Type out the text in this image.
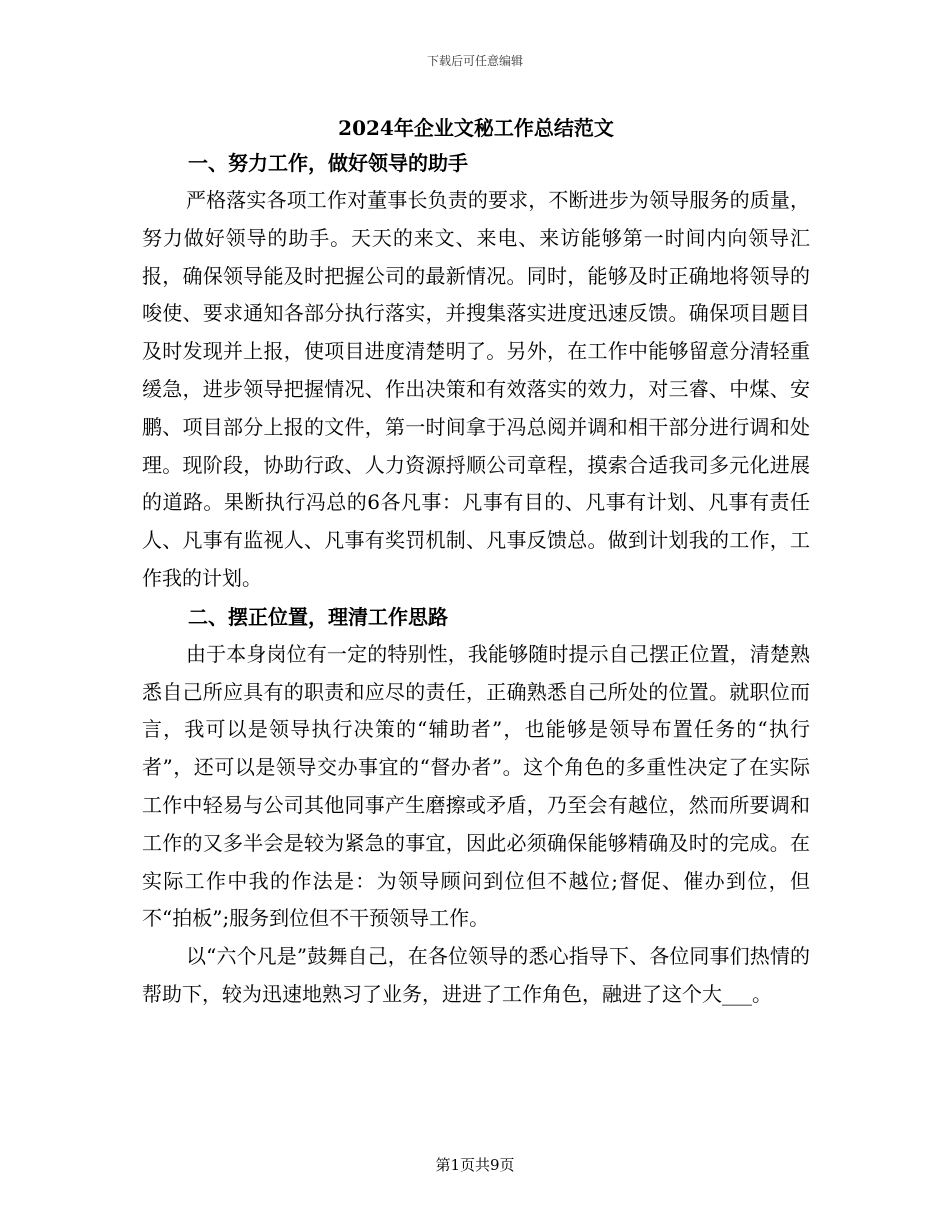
下载后可任意编辑
2024年企业文秘工作总结范文
一、努力工作，做好领导的助手

严格落实各项工作对董事长负责的要求，不断进步为领导服务的质量，努力做好领导的助手。天天的来文、来电、来访能够第一时间内向领导汇报，确保领导能及时把握公司的最新情况。同时，能够及时正确地将领导的唆使、要求通知各部分执行落实，并搜集落实进度迅速反馈。确保项目题目及时发现并上报，使项目进度清楚明了。另外，在工作中能够留意分清轻重缓急，进步领导把握情况、作出决策和有效落实的效力，对三睿、中煤、安鹏、项目部分上报的文件，第一时间拿于冯总阅并调和相干部分进行调和处理。现阶段，协助行政、人力资源捋顺公司章程，摸索合适我司多元化进展的道路。果断执行冯总的6各凡事：凡事有目的、凡事有计划、凡事有责任人、凡事有监视人、凡事有奖罚机制、凡事反馈总。做到计划我的工作，工作我的计划。

二、摆正位置，理清工作思路

由于本身岗位有一定的特别性，我能够随时提示自己摆正位置，清楚熟悉自己所应具有的职责和应尽的责任，正确熟悉自己所处的位置。就职位而言，我可以是领导执行决策的“辅助者”，也能够是领导布置任务的“执行者”，还可以是领导交办事宜的“督办者”。这个角色的多重性决定了在实际工作中轻易与公司其他同事产生磨擦或矛盾，乃至会有越位，然而所要调和工作的又多半会是较为紧急的事宜，因此必须确保能够精确及时的完成。在实际工作中我的作法是：为领导顾问到位但不越位;督促、催办到位，但不“拍板”;服务到位但不干预领导工作。

以“六个凡是”鼓舞自己，在各位领导的悉心指导下、各位同事们热情的帮助下，较为迅速地熟习了业务，进进了工作角色，融进了这个大___。

第1页共9页
